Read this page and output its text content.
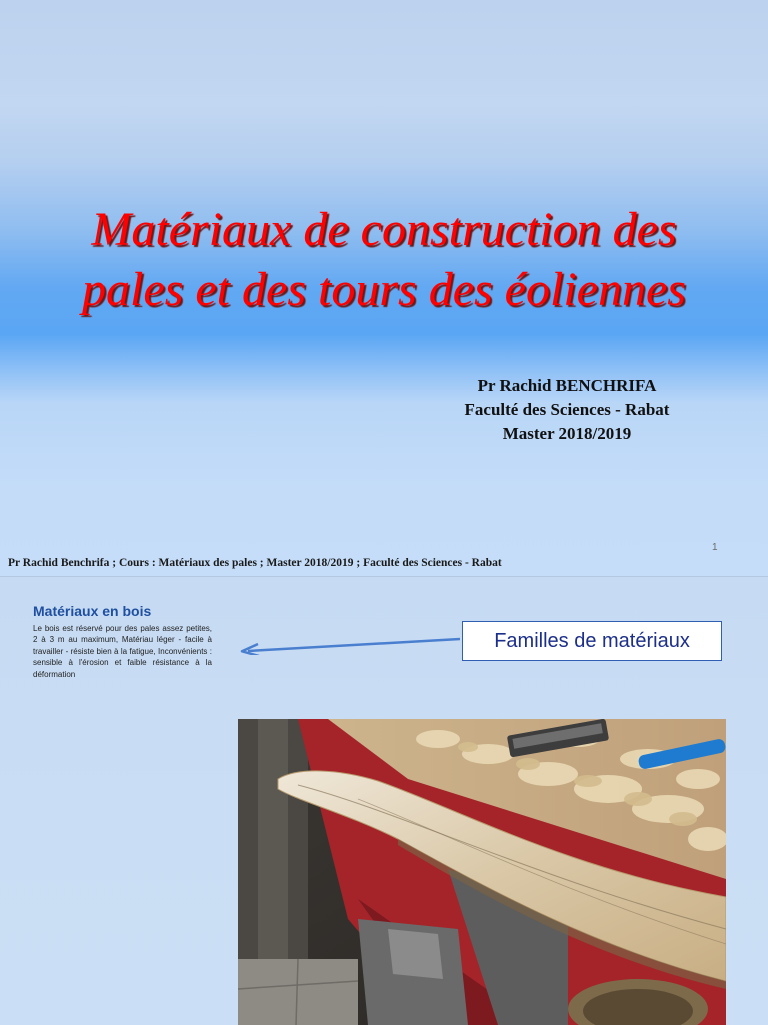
Matériaux de construction des
pales et des tours des éoliennes
Pr Rachid BENCHRIFA
Faculté des Sciences - Rabat
Master 2018/2019
1
Pr Rachid Benchrifa ; Cours : Matériaux des pales ; Master 2018/2019 ; Faculté des Sciences - Rabat
Matériaux en bois
Le bois est réservé pour des pales assez petites, 2 à 3 m au maximum, Matériau léger - facile à travailler - résiste bien à la fatigue, Inconvénients : sensible à l'érosion et faible résistance à la déformation
Familles de matériaux
